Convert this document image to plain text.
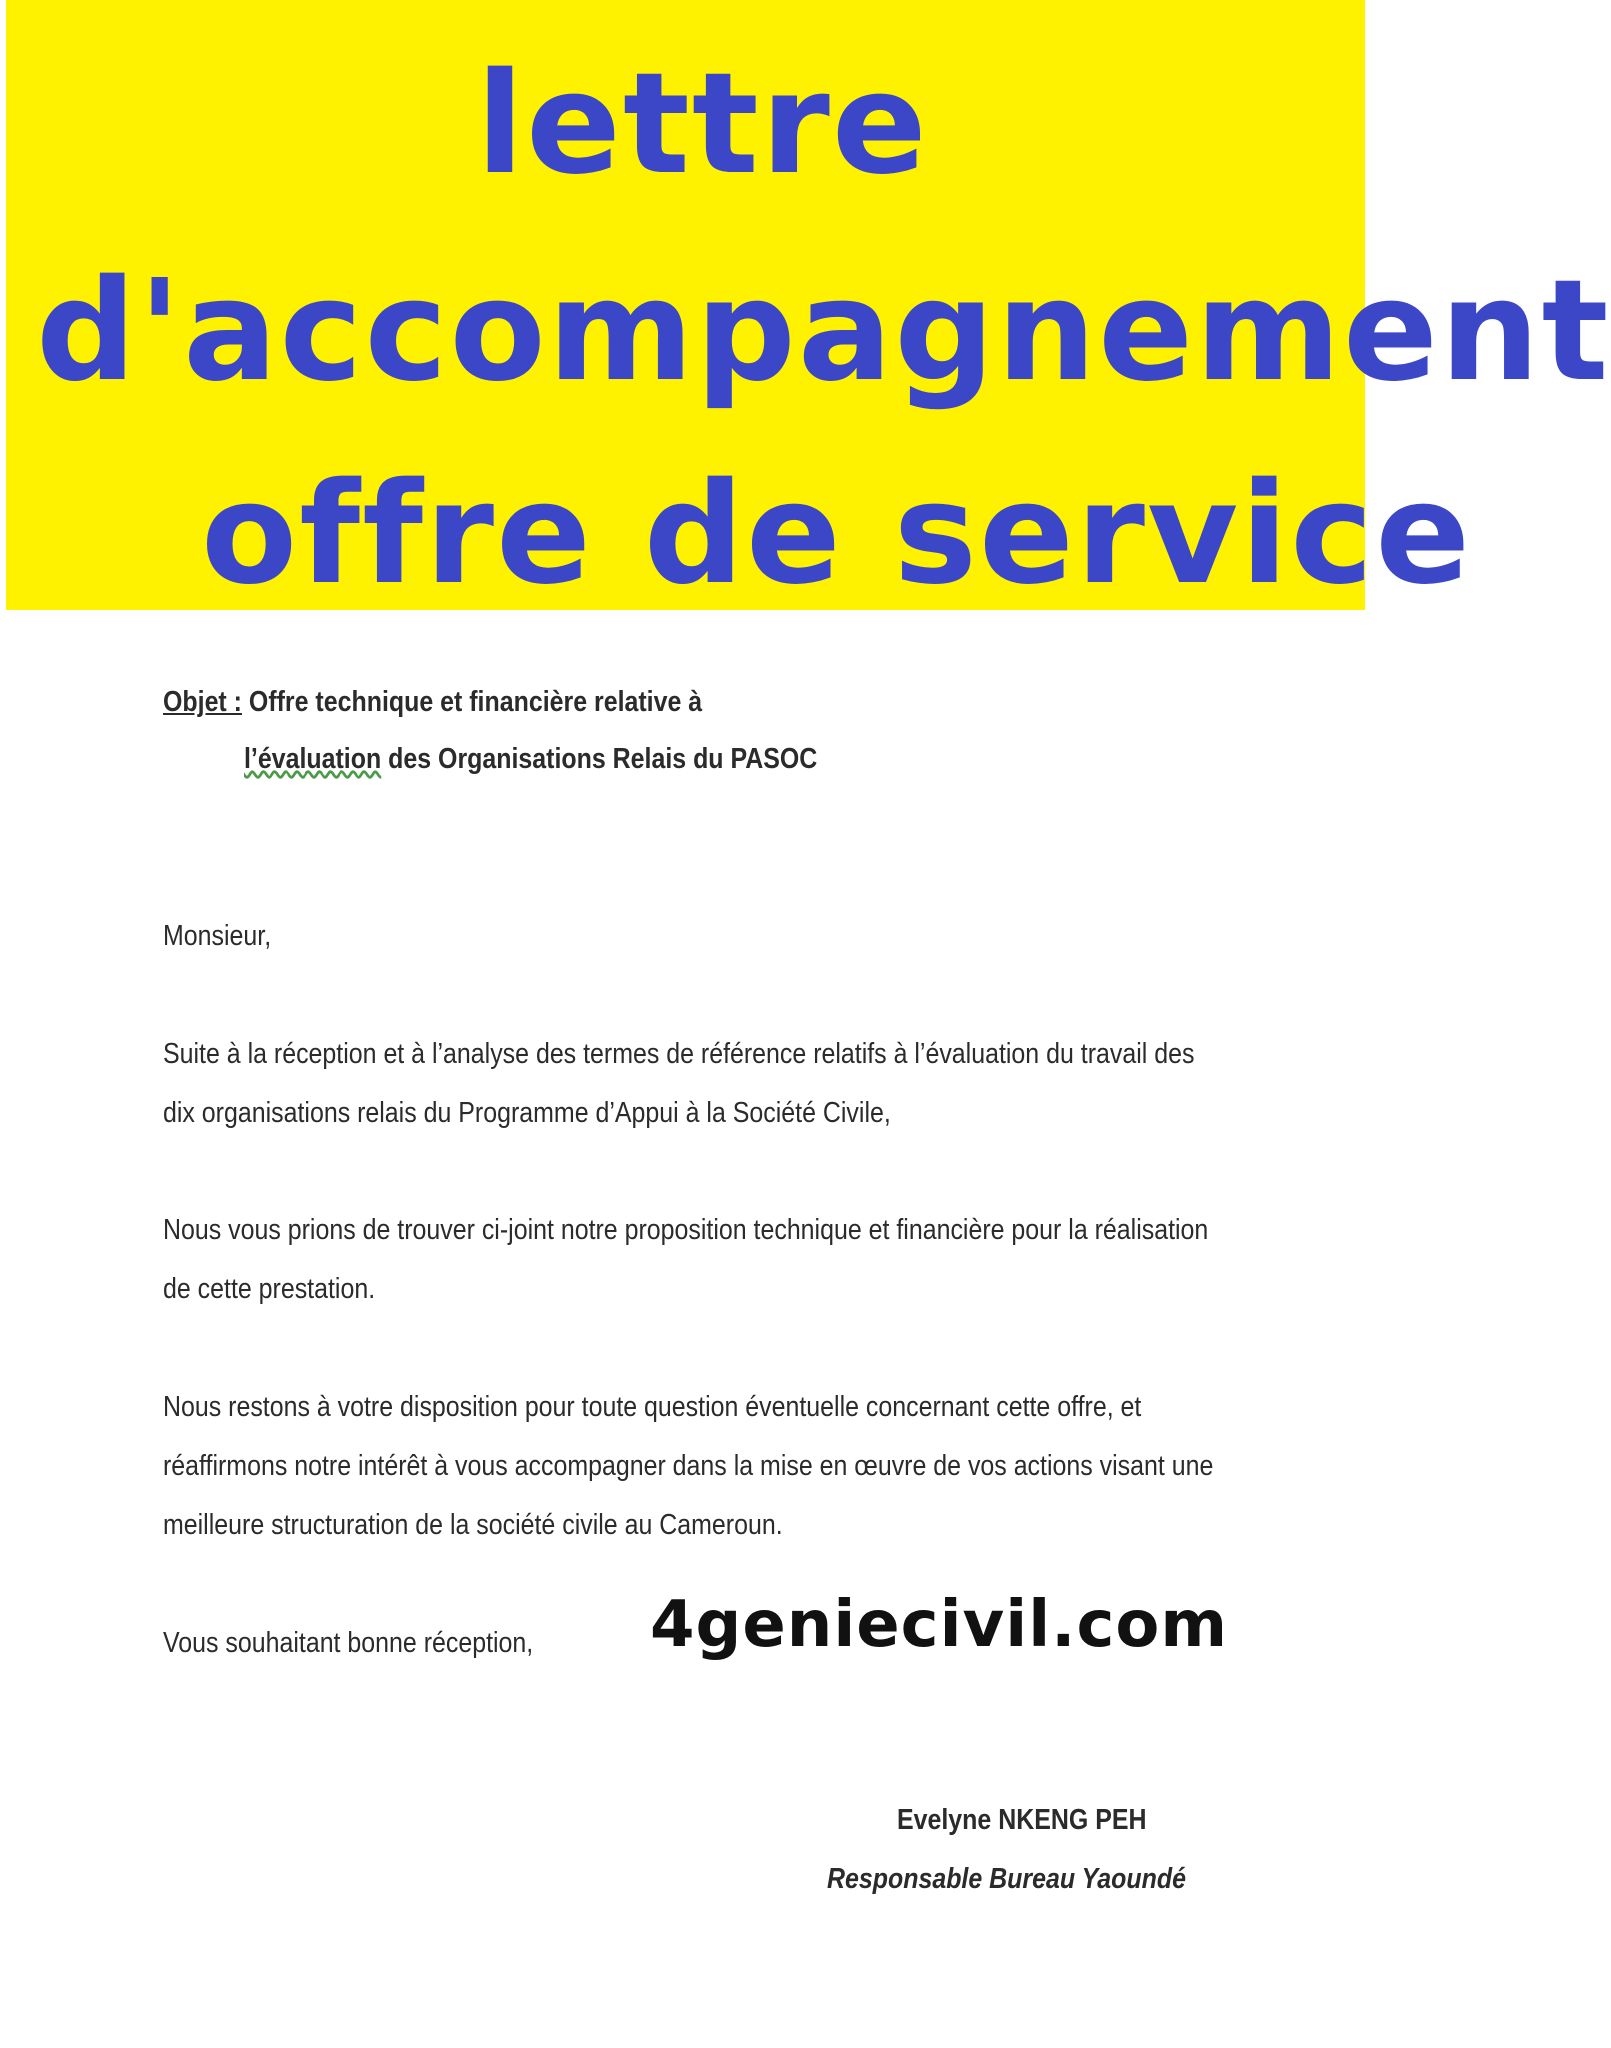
lettre
d'accompagnement
offre de service
Objet : Offre technique et financière relative à
l’évaluation des Organisations Relais du PASOC
Monsieur,
Suite à la réception et à l’analyse des termes de référence relatifs à l’évaluation du travail des
dix organisations relais du Programme d’Appui à la Société Civile,
Nous vous prions de trouver ci-joint notre proposition technique et financière pour la réalisation
de cette prestation.
Nous restons à votre disposition pour toute question éventuelle concernant cette offre, et
réaffirmons notre intérêt à vous accompagner dans la mise en œuvre de vos actions visant une
meilleure structuration de la société civile au Cameroun.
Vous souhaitant bonne réception,
Evelyne NKENG PEH
Responsable Bureau Yaoundé
4geniecivil.com
